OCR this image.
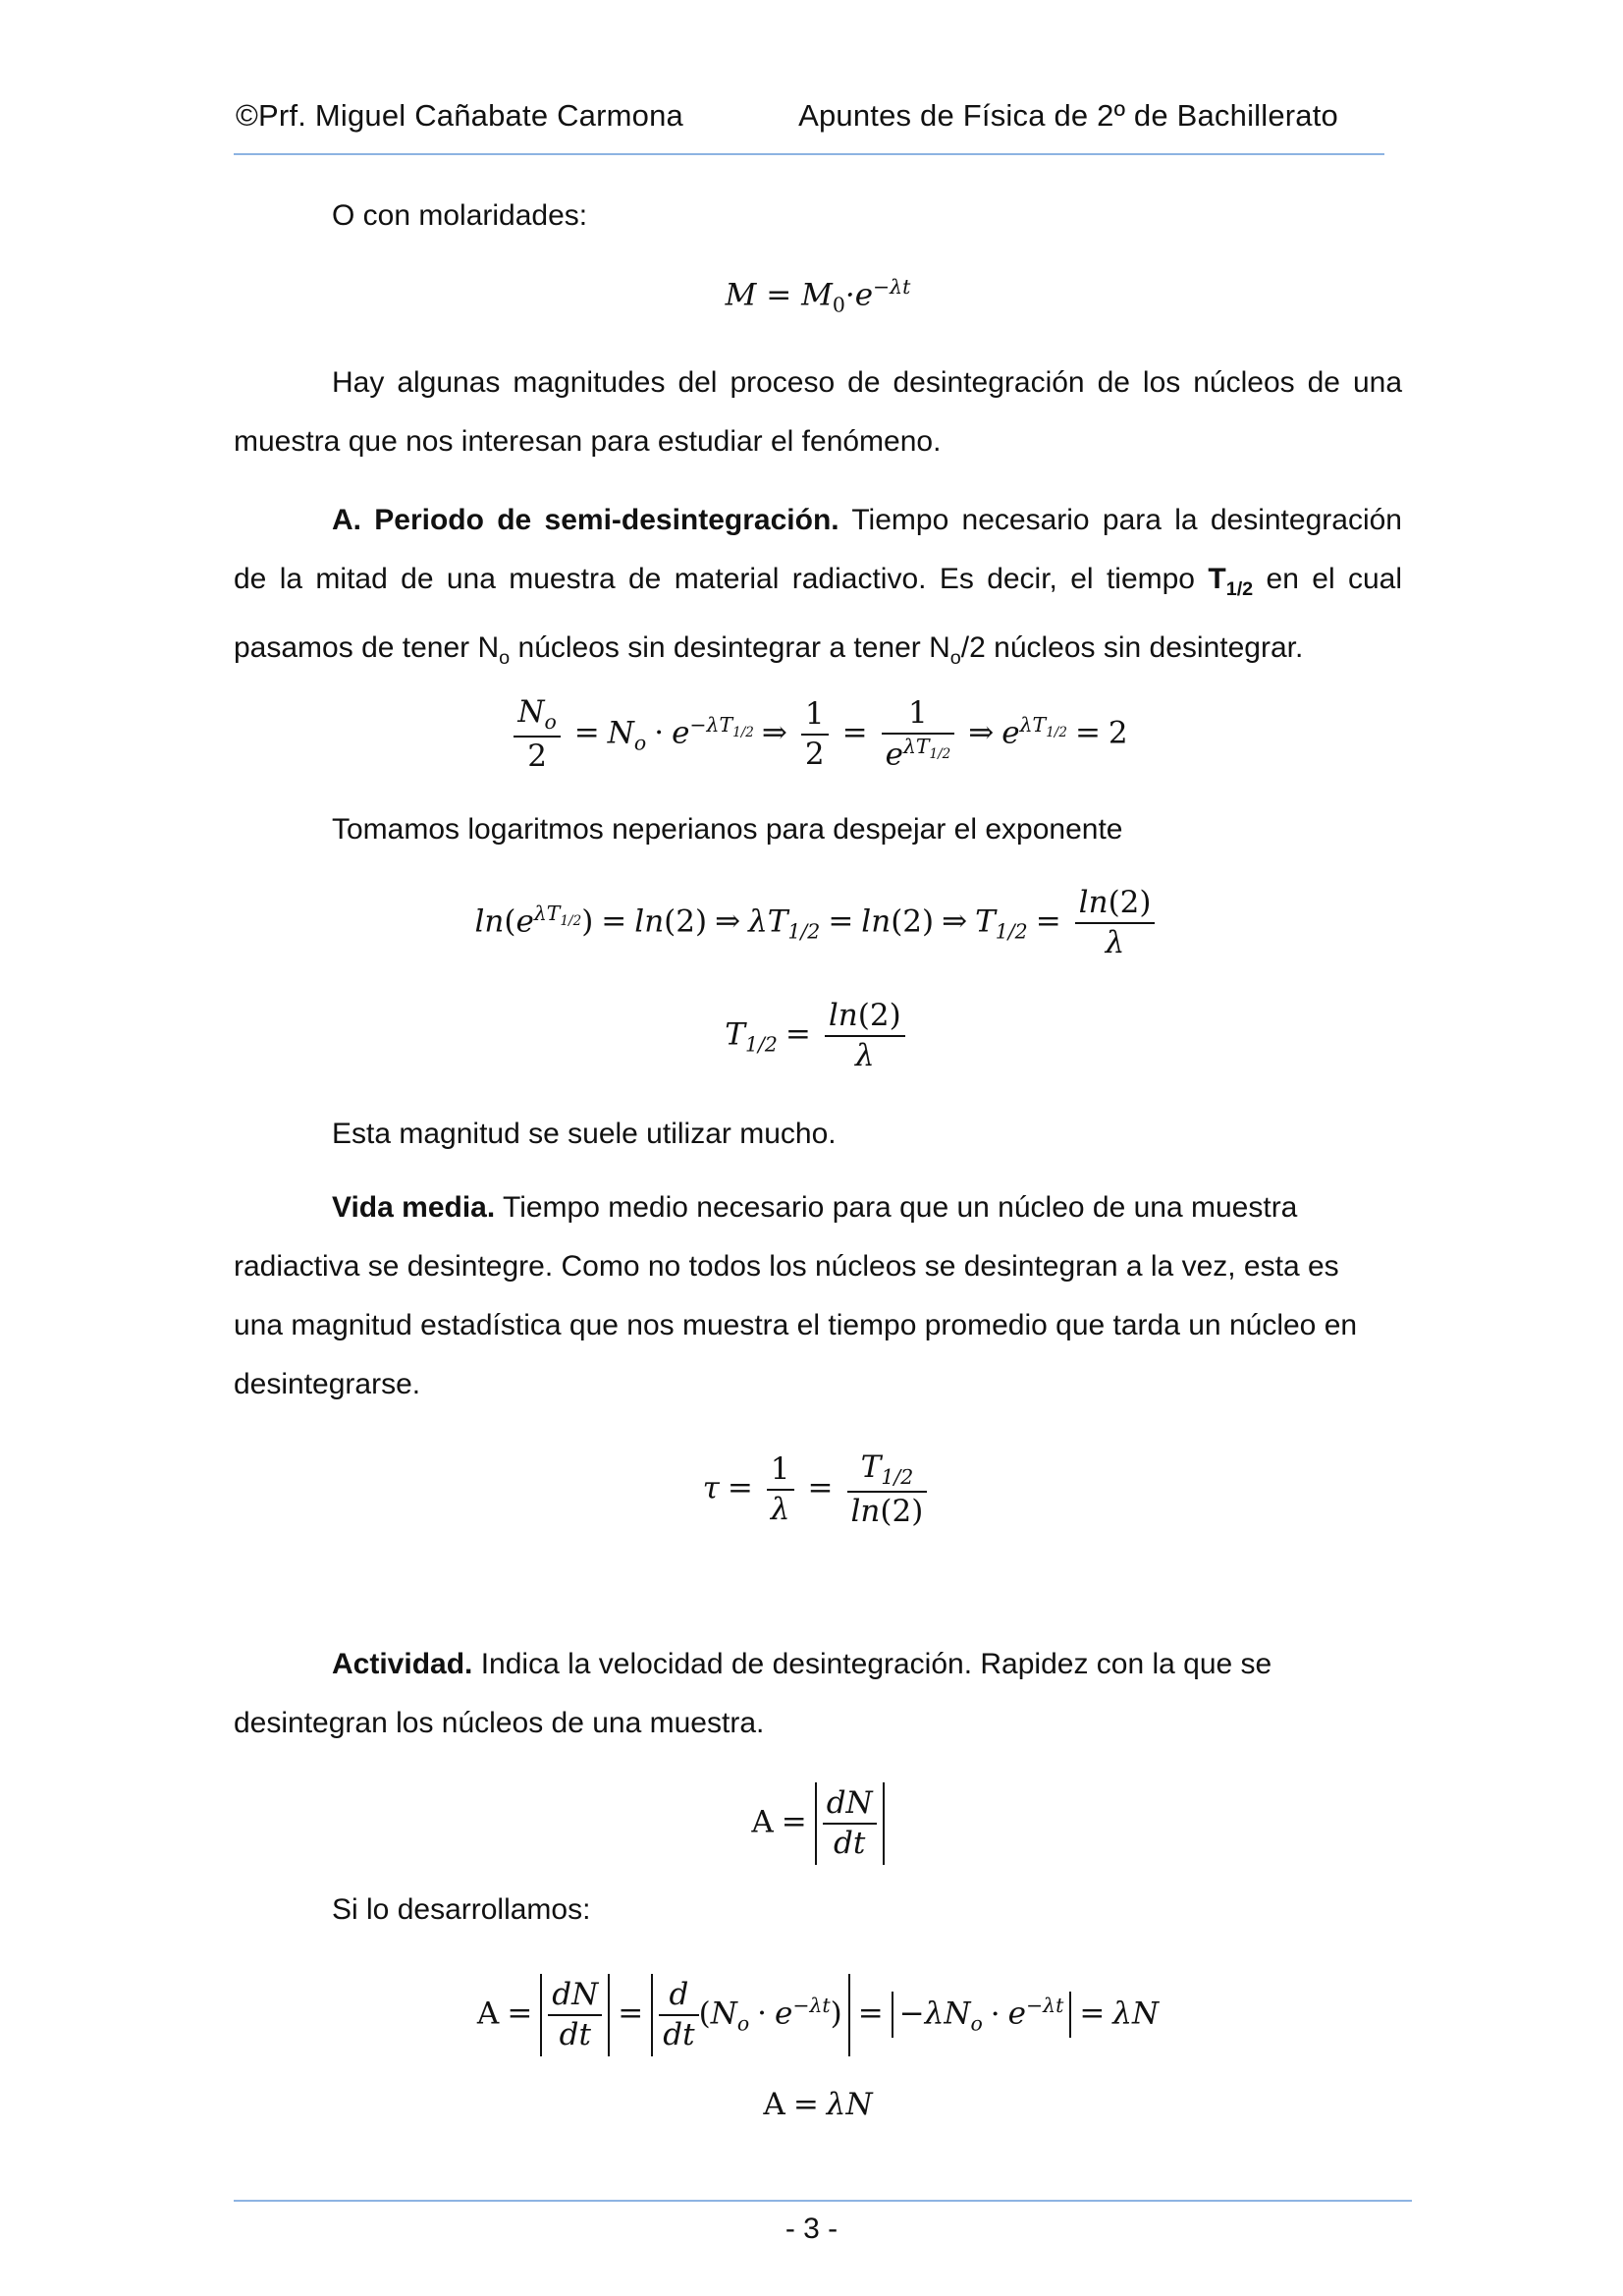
©Prf. Miguel Cañabate Carmona	Apuntes de Física de 2º de Bachillerato
O con molaridades:
$M = M_0\cdot e^{-\lambda t}$
Hay algunas magnitudes del proceso de desintegración de los núcleos de una muestra que nos interesan para estudiar el fenómeno.
A. Periodo de semi-desintegración. Tiempo necesario para la desintegración de la mitad de una muestra de material radiactivo. Es decir, el tiempo $T_{1/2}$ en el cual pasamos de tener $N_o$ núcleos sin desintegrar a tener $N_o/2$ núcleos sin desintegrar.
$\frac{N_o}{2} = N_o \cdot e^{-\lambda T_{1/2}}$ ⇒ $\frac{1}{2} = \frac{1}{e^{\lambda T_{1/2}}}$ ⇒ $e^{\lambda T_{1/2}} = 2$
Tomamos logaritmos neperianos para despejar el exponente
$\ln(e^{\lambda T_{1/2}}) = \ln(2)$ ⇒ $\lambda T_{1/2} = \ln(2)$ ⇒ $T_{1/2} = \frac{\ln(2)}{\lambda}$
$T_{1/2} = \frac{\ln(2)}{\lambda}$
Esta magnitud se suele utilizar mucho.
Vida media. Tiempo medio necesario para que un núcleo de una muestra radiactiva se desintegre. Como no todos los núcleos se desintegran a la vez, esta es una magnitud estadística que nos muestra el tiempo promedio que tarda un núcleo en desintegrarse.
$\tau = \frac{1}{\lambda} = \frac{T_{1/2}}{\ln(2)}$
Actividad. Indica la velocidad de desintegración. Rapidez con la que se desintegran los núcleos de una muestra.
$A = \frac{dN}{dt}$
Si lo desarrollamos:
$A = \frac{dN}{dt} = \frac{d}{dt} (N_o \cdot e^{-\lambda t}) = -\lambda N_o \cdot e^{-\lambda t} = \lambda N$
A = λN
- 3 -
